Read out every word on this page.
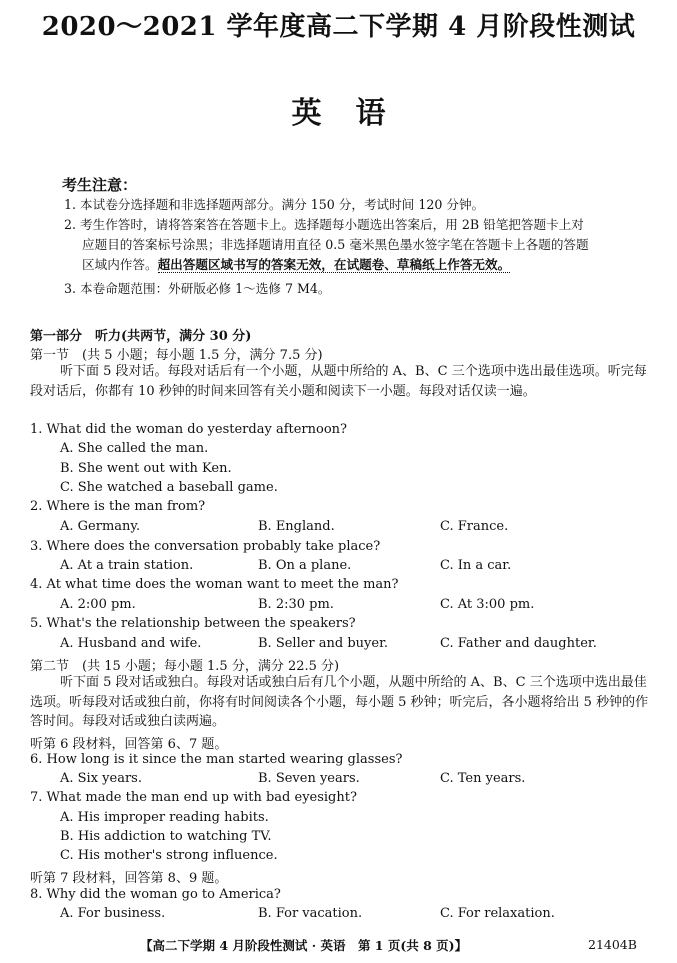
2020～2021 学年度高二下学期 4 月阶段性测试
英语
考生注意：
1. 本试卷分选择题和非选择题两部分。满分 150 分，考试时间 120 分钟。
2. 考生作答时，请将答案答在答题卡上。选择题每小题选出答案后，用 2B 铅笔把答题卡上对
应题目的答案标号涂黑；非选择题请用直径 0.5 毫米黑色墨水签字笔在答题卡上各题的答题
区域内作答。超出答题区域书写的答案无效，在试题卷、草稿纸上作答无效。
3. 本卷命题范围：外研版必修 1～选修 7 M4。
第一部分　听力(共两节，满分 30 分)
第一节　(共 5 小题；每小题 1.5 分，满分 7.5 分)
听下面 5 段对话。每段对话后有一个小题，从题中所给的 A、B、C 三个选项中选出最佳选项。听完每段对话后，你都有 10 秒钟的时间来回答有关小题和阅读下一小题。每段对话仅读一遍。
1. What did the woman do yesterday afternoon?
A. She called the man.
B. She went out with Ken.
C. She watched a baseball game.
2. Where is the man from?
A. Germany.	B. England.	C. France.
3. Where does the conversation probably take place?
A. At a train station.	B. On a plane.	C. In a car.
4. At what time does the woman want to meet the man?
A. 2:00 pm.	B. 2:30 pm.	C. At 3:00 pm.
5. What's the relationship between the speakers?
A. Husband and wife.	B. Seller and buyer.	C. Father and daughter.
第二节　(共 15 小题；每小题 1.5 分，满分 22.5 分)
听下面 5 段对话或独白。每段对话或独白后有几个小题，从题中所给的 A、B、C 三个选项中选出最佳选项。听每段对话或独白前，你将有时间阅读各个小题，每小题 5 秒钟；听完后，各小题将给出 5 秒钟的作答时间。每段对话或独白读两遍。
听第 6 段材料，回答第 6、7 题。
6. How long is it since the man started wearing glasses?
A. Six years.	B. Seven years.	C. Ten years.
7. What made the man end up with bad eyesight?
A. His improper reading habits.
B. His addiction to watching TV.
C. His mother's strong influence.
听第 7 段材料，回答第 8、9 题。
8. Why did the woman go to America?
A. For business.	B. For vacation.	C. For relaxation.
【高二下学期 4 月阶段性测试 · 英语　第 1 页(共 8 页)】	21404B
